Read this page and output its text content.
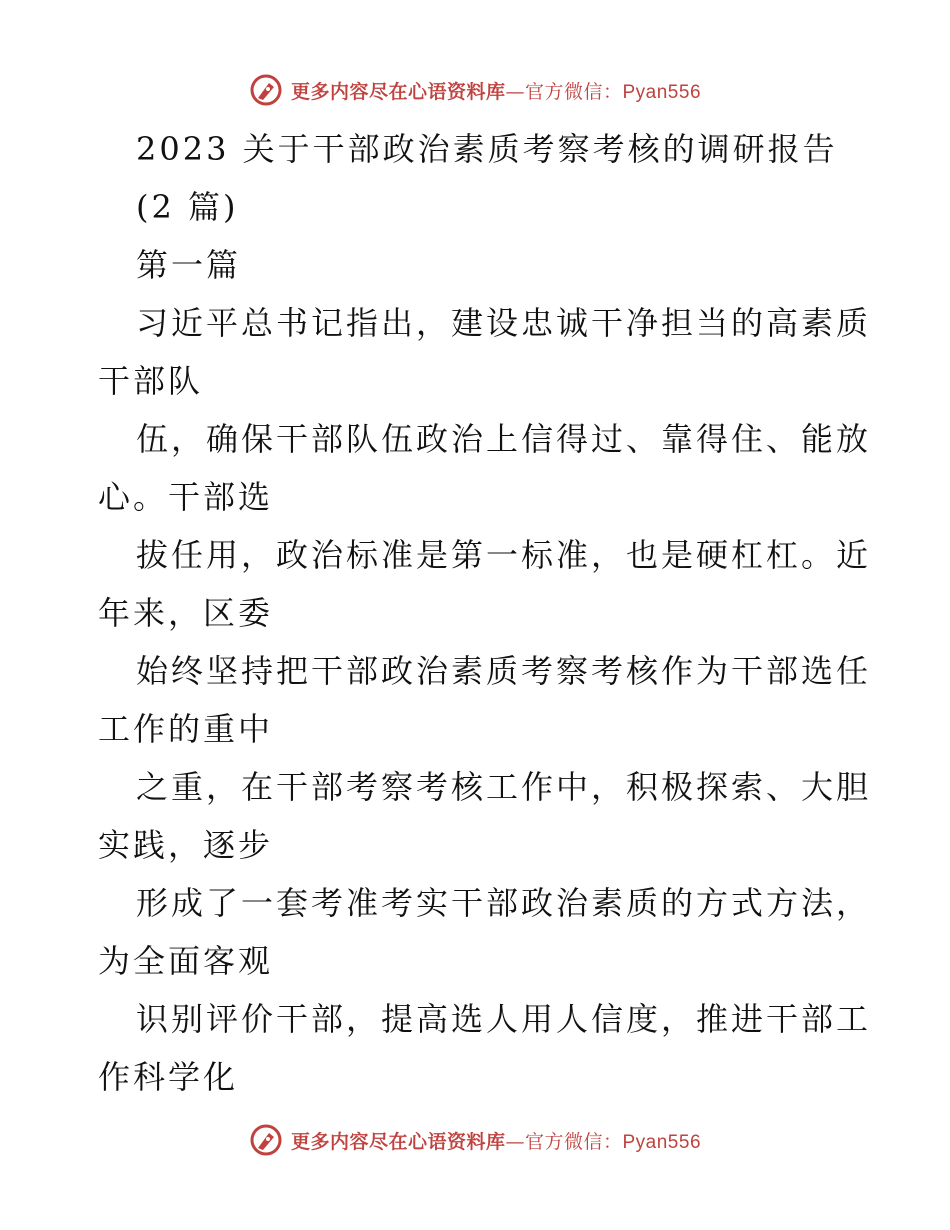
更多内容尽在心语资料库—官方微信：Pyan556
2023 关于干部政治素质考察考核的调研报告
(2 篇)
第一篇
习近平总书记指出，建设忠诚干净担当的高素质
干部队
伍，确保干部队伍政治上信得过、靠得住、能放
心。干部选
拔任用，政治标准是第一标准，也是硬杠杠。近
年来，区委
始终坚持把干部政治素质考察考核作为干部选任
工作的重中
之重，在干部考察考核工作中，积极探索、大胆
实践，逐步
形成了一套考准考实干部政治素质的方式方法，
为全面客观
识别评价干部，提高选人用人信度，推进干部工
作科学化
更多内容尽在心语资料库—官方微信：Pyan556
